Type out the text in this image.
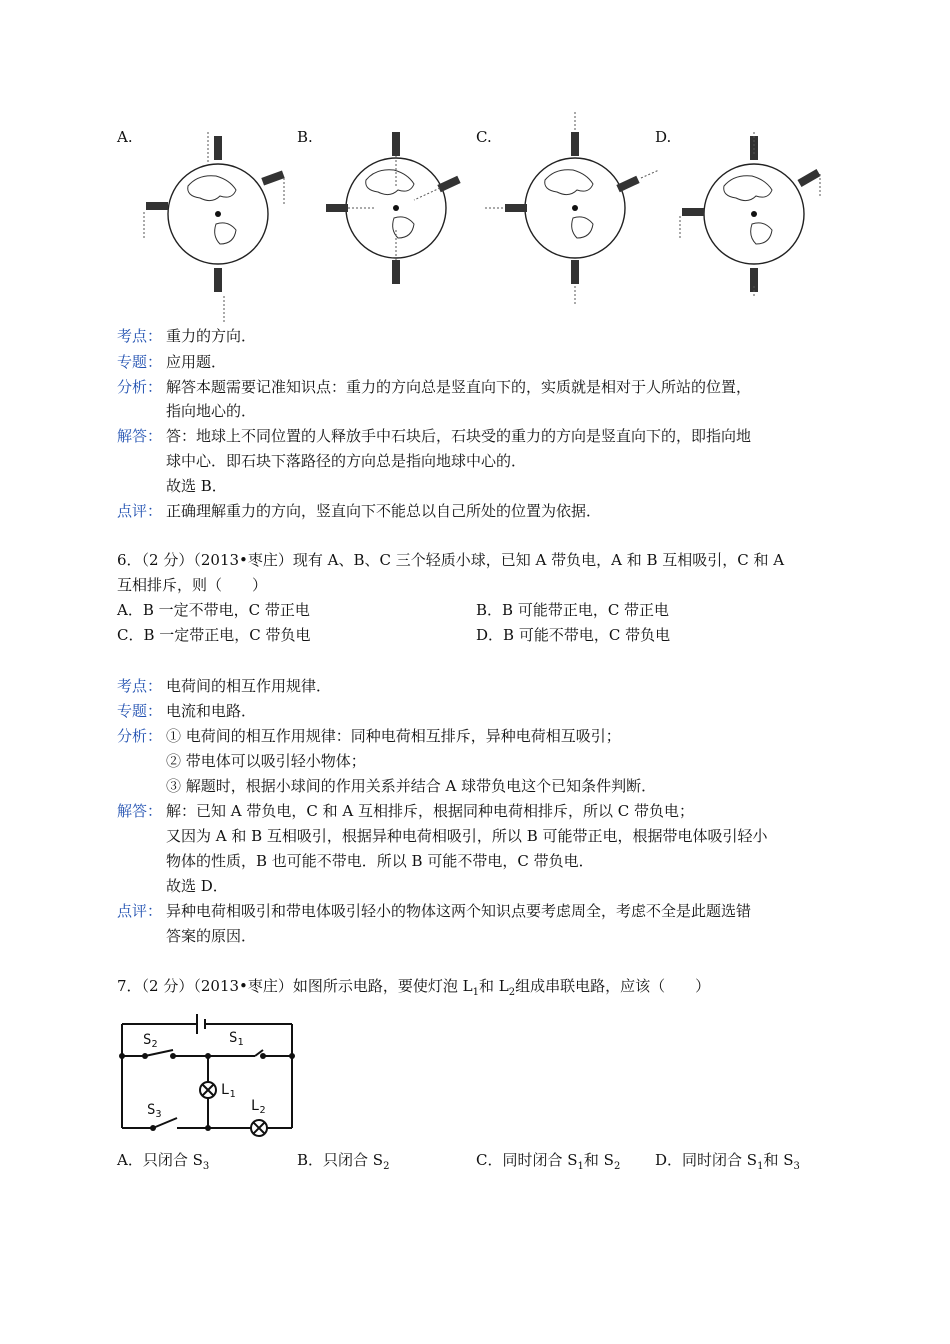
A.	B.	C.	D.
考点： 重力的方向．
专题： 应用题．
分析： 解答本题需要记准知识点：重力的方向总是竖直向下的，实质就是相对于人所站的位置，
指向地心的．
解答： 答：地球上不同位置的人释放手中石块后，石块受的重力的方向是竖直向下的，即指向地
球中心．即石块下落路径的方向总是指向地球中心的．
故选 B．
点评： 正确理解重力的方向，竖直向下不能总以自己所处的位置为依据．
6．（2 分）（2013•枣庄）现有 A、B、C 三个轻质小球，已知 A 带负电，A 和 B 互相吸引，C 和 A
互相排斥，则（　　）
A．B 一定不带电，C 带正电	B．B 可能带正电，C 带正电
C．B 一定带正电，C 带负电	D．B 可能不带电，C 带负电
考点： 电荷间的相互作用规律．
专题： 电流和电路．
分析： ① 电荷间的相互作用规律：同种电荷相互排斥，异种电荷相互吸引；
② 带电体可以吸引轻小物体；
③ 解题时，根据小球间的作用关系并结合 A 球带负电这个已知条件判断．
解答： 解：已知 A 带负电，C 和 A 互相排斥，根据同种电荷相排斥，所以 C 带负电；
又因为 A 和 B 互相吸引，根据异种电荷相吸引，所以 B 可能带正电，根据带电体吸引轻小
物体的性质，B 也可能不带电．所以 B 可能不带电，C 带负电．
故选 D．
点评： 异种电荷相吸引和带电体吸引轻小的物体这两个知识点要考虑周全，考虑不全是此题选错
答案的原因．
7．（2 分）（2013•枣庄）如图所示电路，要使灯泡 $L_1$和 $L_2$组成串联电路，应该（　　）
$S_2$	$S_1$
$L_1$
$S_3$
$L_2$
A．只闭合 $S_3$	B．只闭合 $S_2$	C．同时闭合 $S_1$和 $S_2$ D．同时闭合 $S_1$和 $S_3$
